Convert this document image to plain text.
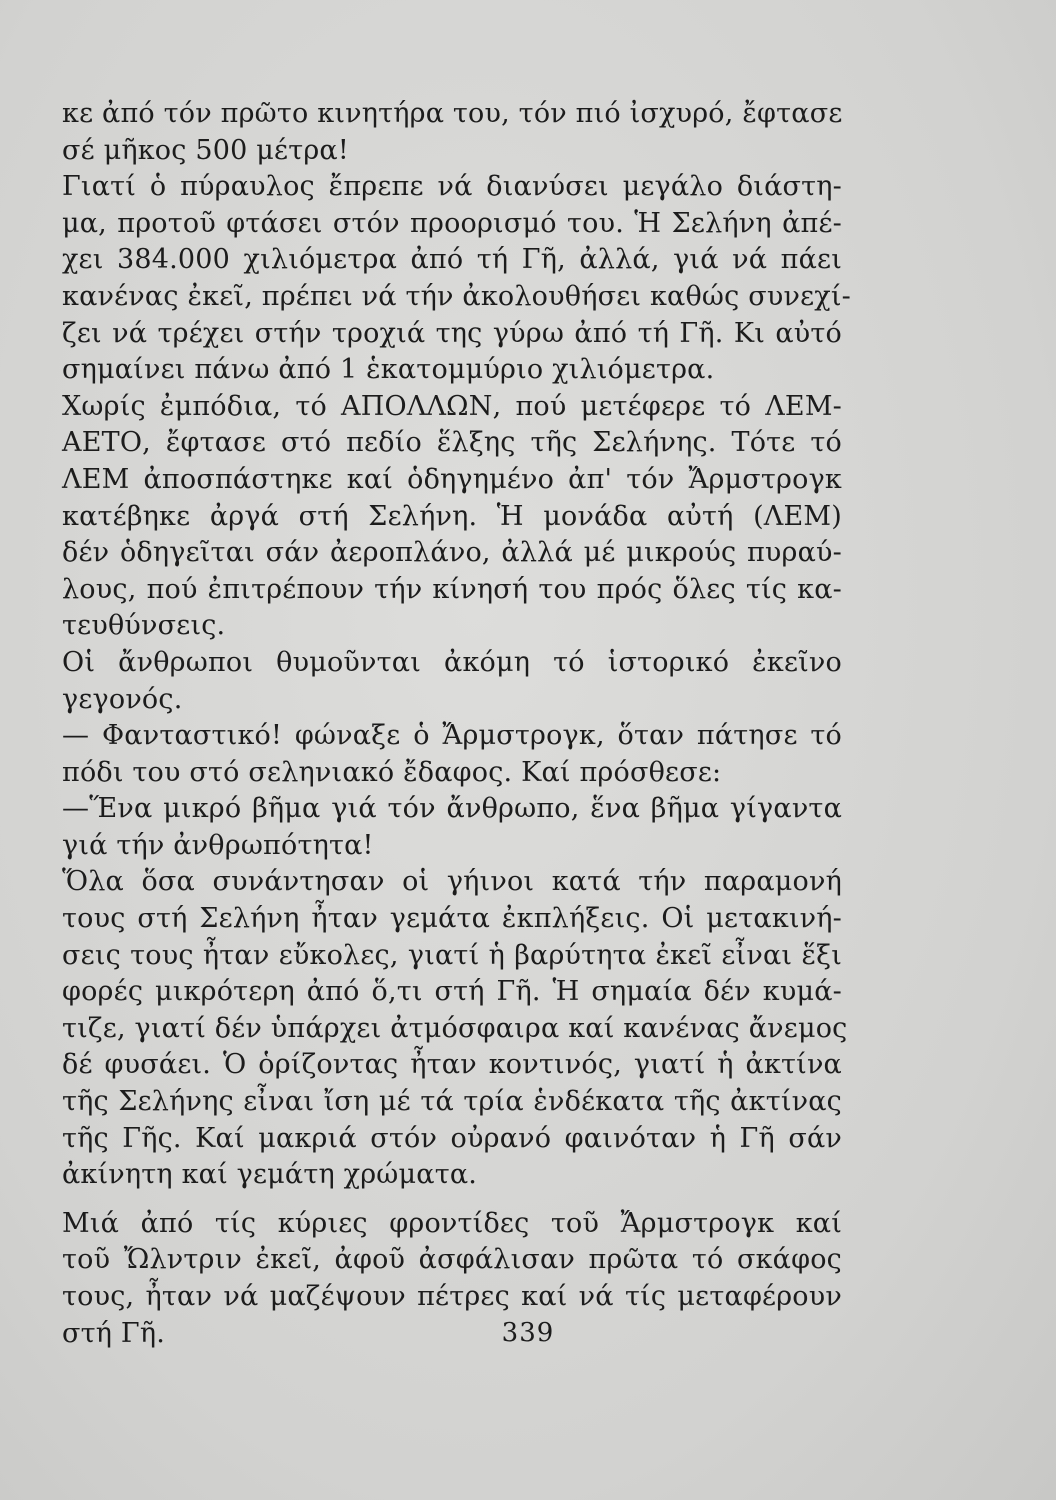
κε ἀπό τόν πρῶτο κινητήρα του, τόν πιό ἰσχυρό, ἔφτασε
σέ μῆκος 500 μέτρα!
Γιατί ὁ πύραυλος ἔπρεπε νά διανύσει μεγάλο διάστη-
μα, προτοῦ φτάσει στόν προορισμό του. Ἡ Σελήνη ἀπέ-
χει 384.000 χιλιόμετρα ἀπό τή Γῆ, ἀλλά, γιά νά πάει
κανένας ἐκεῖ, πρέπει νά τήν ἀκολουθήσει καθώς συνεχί-
ζει νά τρέχει στήν τροχιά της γύρω ἀπό τή Γῆ. Κι αὐτό
σημαίνει πάνω ἀπό 1 ἑκατομμύριο χιλιόμετρα.
Χωρίς ἐμπόδια, τό ΑΠΟΛΛΩΝ, πού μετέφερε τό ΛΕΜ-
ΑΕΤΟ, ἔφτασε στό πεδίο ἕλξης τῆς Σελήνης. Τότε τό
ΛΕΜ ἀποσπάστηκε καί ὁδηγημένο ἀπ' τόν Ἄρμστρογκ
κατέβηκε ἀργά στή Σελήνη. Ἡ μονάδα αὐτή (ΛΕΜ)
δέν ὁδηγεῖται σάν ἀεροπλάνο, ἀλλά μέ μικρούς πυραύ-
λους, πού ἐπιτρέπουν τήν κίνησή του πρός ὅλες τίς κα-
τευθύνσεις.
Οἱ ἄνθρωποι θυμοῦνται ἀκόμη τό ἱστορικό ἐκεῖνο
γεγονός.
— Φανταστικό! φώναξε ὁ Ἄρμστρογκ, ὅταν πάτησε τό
πόδι του στό σεληνιακό ἔδαφος. Καί πρόσθεσε:
—Ἕνα μικρό βῆμα γιά τόν ἄνθρωπο, ἕνα βῆμα γίγαντα
γιά τήν ἀνθρωπότητα!
Ὅλα ὅσα συνάντησαν οἱ γήινοι κατά τήν παραμονή
τους στή Σελήνη ἦταν γεμάτα ἐκπλήξεις. Οἱ μετακινή-
σεις τους ἦταν εὔκολες, γιατί ἡ βαρύτητα ἐκεῖ εἶναι ἕξι
φορές μικρότερη ἀπό ὅ,τι στή Γῆ. Ἡ σημαία δέν κυμά-
τιζε, γιατί δέν ὑπάρχει ἀτμόσφαιρα καί κανένας ἄνεμος
δέ φυσάει. Ὁ ὁρίζοντας ἦταν κοντινός, γιατί ἡ ἀκτίνα
τῆς Σελήνης εἶναι ἴση μέ τά τρία ἑνδέκατα τῆς ἀκτίνας
τῆς Γῆς. Καί μακριά στόν οὐρανό φαινόταν ἡ Γῆ σάν
ἀκίνητη καί γεμάτη χρώματα.
Μιά ἀπό τίς κύριες φροντίδες τοῦ Ἄρμστρογκ καί
τοῦ Ὤλντριν ἐκεῖ, ἀφοῦ ἀσφάλισαν πρῶτα τό σκάφος
τους, ἦταν νά μαζέψουν πέτρες καί νά τίς μεταφέρουν
στή Γῆ.	339
